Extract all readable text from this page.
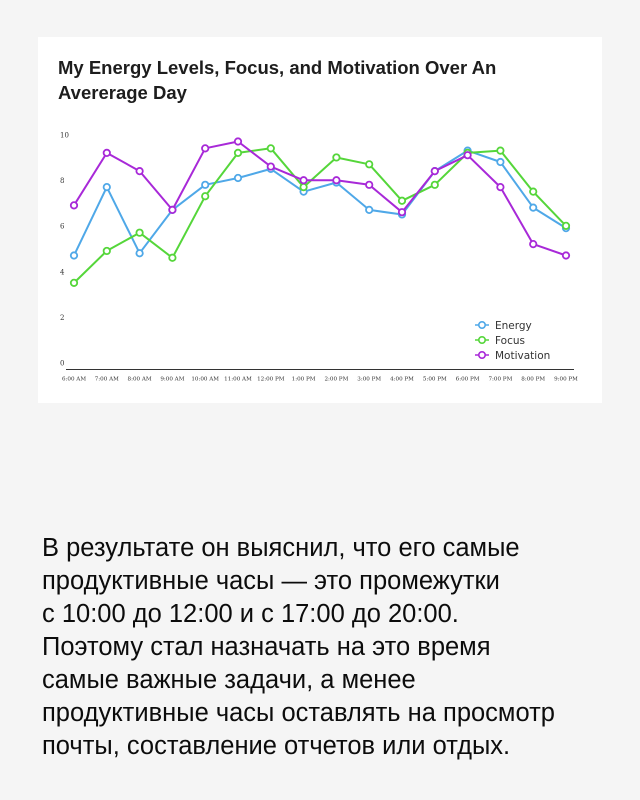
My Energy Levels, Focus, and Motivation Over An Avererage Day
0
2
4
6
8
10
6:00 AM 7:00 AM 8:00 AM 9:00 AM 10:00 AM 11:00 AM 12:00 PM 1:00 PM 2:00 PM 3:00 PM 4:00 PM 5:00 PM 6:00 PM 7:00 PM 8:00 PM 9:00 PM
Energy
Focus
Motivation

В результате он выяснил, что его самые
продуктивные часы — это промежутки
с 10:00 до 12:00 и с 17:00 до 20:00.
Поэтому стал назначать на это время
самые важные задачи, а менее
продуктивные часы оставлять на просмотр
почты, составление отчетов или отдых.
